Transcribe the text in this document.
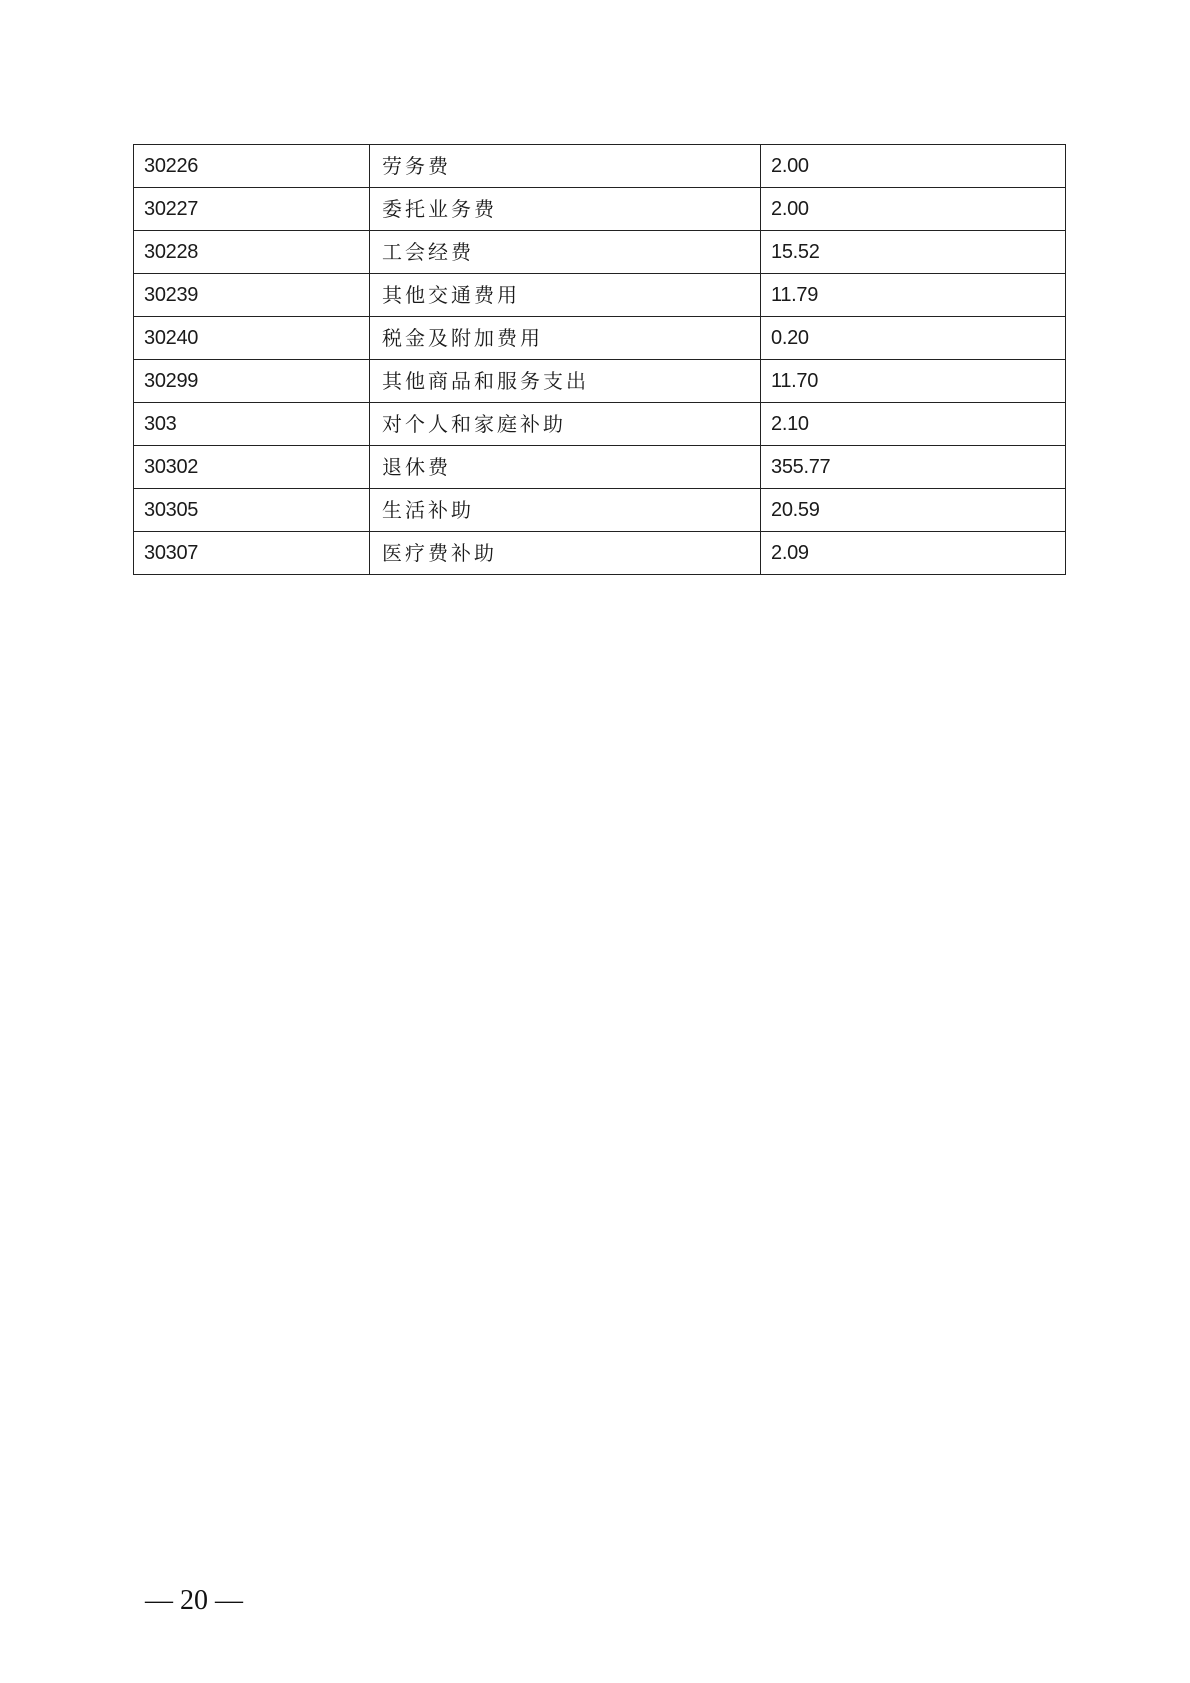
30226	劳务费	2.00
30227	委托业务费	2.00
30228	工会经费	15.52
30239	其他交通费用	11.79
30240	税金及附加费用	0.20
30299	其他商品和服务支出	11.70
303	对个人和家庭补助	2.10
30302	退休费	355.77
30305	生活补助	20.59
30307	医疗费补助	2.09
— 20 —
